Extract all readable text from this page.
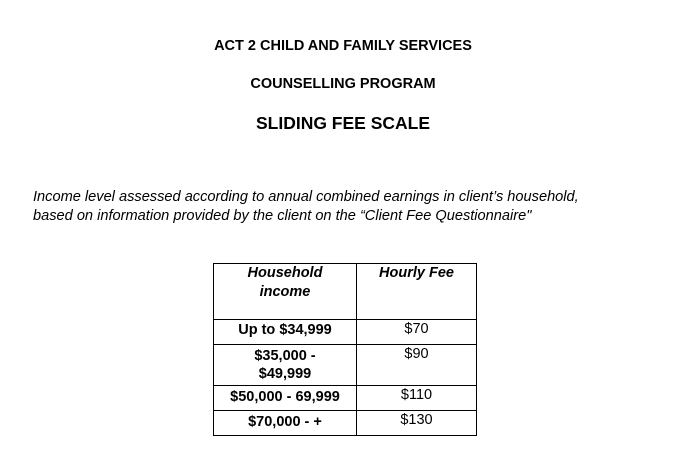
ACT 2 CHILD AND FAMILY SERVICES
COUNSELLING PROGRAM
SLIDING FEE SCALE
Income level assessed according to annual combined earnings in client’s household,
based on information provided by the client on the “Client Fee Questionnaire"
Household
income	Hourly Fee

Up to $34,999	$70

$35,000 -
$49,999	$90

$50,000 - 69,999	$110

$70,000 - +	$130
